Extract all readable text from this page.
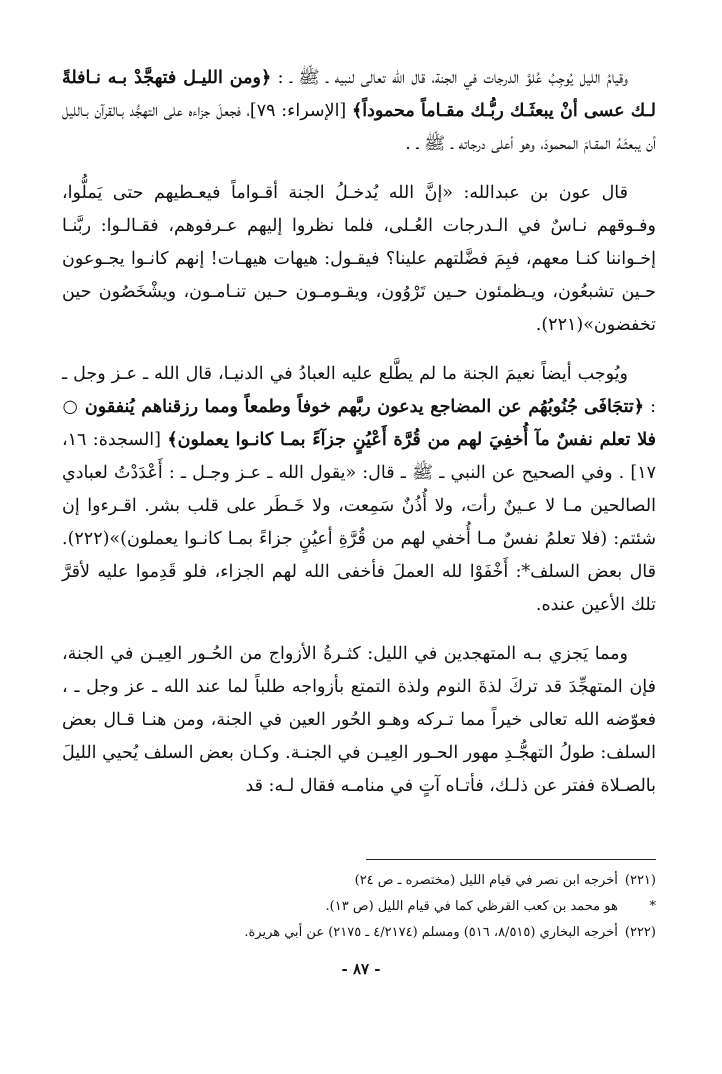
وقيامُ الليل يُوجِبُ عُلوَّ الدرجات في الجنة، قال الله تعالى لنبيه ـ ﷺ ـ : ﴿ومن الليـل فتهجَّدْ بـه نـافلةً لـك عسى أنْ يبعثَـك ربُّـك مقـاماً محموداً﴾ [الإسراء: ٧٩]، فجعلَ جزاءه على التهجُّد بـالقرآن بـالليل أن يبعثَـهُ المقـامَ المحمودَ، وهو أعلى درجاته ـ ﷺ ـ .

قال عون بن عبدالله: «إنَّ الله يُدخـلُ الجنة أقـواماً فيعـطيهم حتى يَملُّوا، وفـوقهم نـاسٌ في الـدرجات العُـلى، فلما نظروا إليهم عـرفوهم، فقـالـوا: ربَّنـا إخـواننا كنـا معهم، فبِمَ فضَّلتهم علينا؟ فيقـول: هيهات هيهـات! إنهم كانـوا يجـوعون حـين تشبعُون، ويـظمئون حـين تَرْوُون، ويقـومـون حـين تنـامـون، ويشْخَصُون حين تخفضون»(٢٢١).

ويُوجب أيضاً نعيمَ الجنة ما لم يطَّلع عليه العبادُ في الدنيـا، قال الله ـ عـز وجل ـ : ﴿تتجَافَى جُنُوبُهُم عن المضاجع يدعون ربَّهم خوفاً وطمعاً ومما رزقناهم يُنفقون ○ فلا تعلم نفسٌ مآ أُخفِيَ لهم من قُرَّة أَعْيُنٍ جزآءً بمـا كانـوا يعملون﴾ [السجدة: ١٦، ١٧] . وفي الصحيح عن النبي ـ ﷺ ـ قال: «يقول الله ـ عـز وجـل ـ : أَعْدَدْتُ لعبادي الصالحين مـا لا عـينٌ رأت، ولا أُذُنٌ سَمِعت، ولا خَـطَر على قلب بشر. اقـرءوا إن شئتم: (فلا تعلمُ نفسٌ مـا أُخفي لهم من قُرَّةِ أعيُنٍ جزاءً بمـا كانـوا يعملون)»(٢٢٢). قال بعض السلف*: أَخْفَوْا لله العملَ فأخفى الله لهم الجزاء، فلو قَدِموا عليه لأقرَّ تلك الأعين عنده.

ومما يَجزي بـه المتهجدين في الليل: كثـرةُ الأزواج من الحُـور العِيـن في الجنة، فإن المتهجِّدَ قد تركَ لذةَ النوم ولذة التمتع بأزواجه طلباً لما عند الله ـ عز وجل ـ ، فعوّضه الله تعالى خيراً مما تـركه وهـو الحُور العين في الجنة، ومن هنـا قـال بعض السلف: طولُ التهجُّـدِ مهور الحـور العِيـن في الجنـة. وكـان بعض السلف يُحيي الليلَ بالصـلاة ففتر عن ذلـك، فأتـاه آتٍ في منامـه فقال لـه: قد

(٢٢١) أخرجه ابن نصر في قيام الليل (مختصره ـ ص ٢٤)

* هو محمد بن كعب القرظي كما في قيام الليل (ص ١٣).

(٢٢٢) أخرجه البخاري (٨/٥١٥، ٥١٦) ومسلم (٤/٢١٧٤ ـ ٢١٧٥) عن أبي هريرة.

- ٨٧ -
